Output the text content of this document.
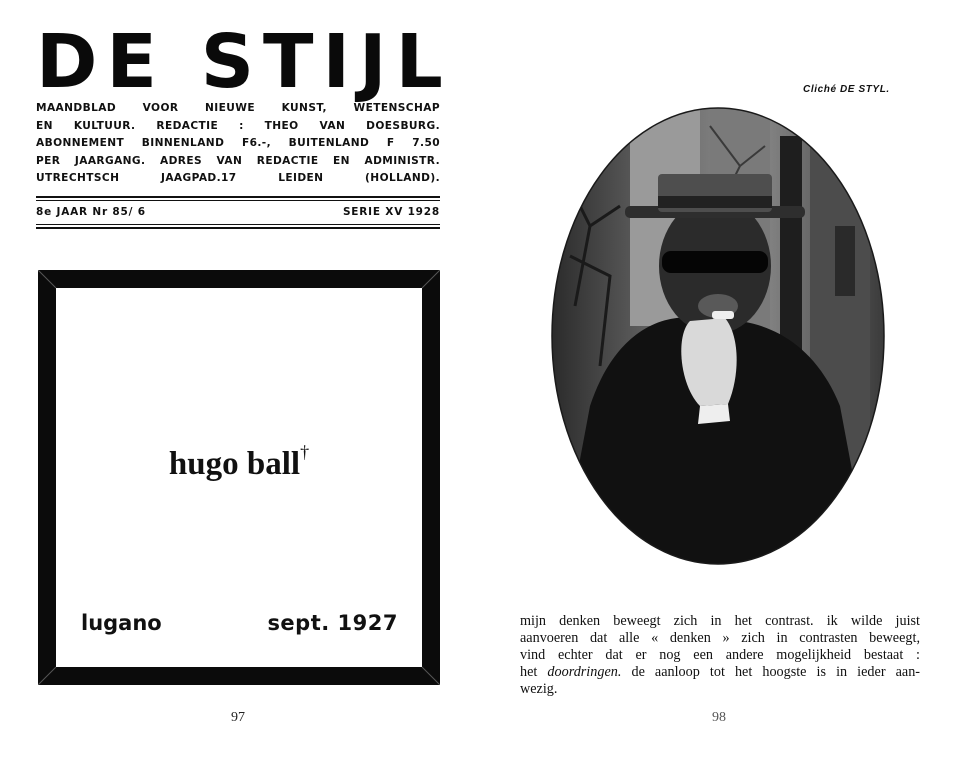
DE STIJL
MAANDBLAD VOOR NIEUWE KUNST, WETENSCHAP
EN KULTUUR. REDACTIE : THEO VAN DOESBURG.
ABONNEMENT BINNENLAND F6.-, BUITENLAND F 7.50
PER JAARGANG. ADRES VAN REDACTIE EN ADMINISTR.
UTRECHTSCH JAAGPAD.17 LEIDEN (HOLLAND).
8e JAAR Nr 85/ 6	SERIE XV 1928
hugo ball†
lugano	sept. 1927
97
Cliché DE STYL.
mijn denken beweegt zich in het contrast. ik wilde juist
aanvoeren dat alle « denken » zich in contrasten beweegt,
vind echter dat er nog een andere mogelijkheid bestaat :
het doordringen. de aanloop tot het hoogste is in ieder aan-
wezig.
98
